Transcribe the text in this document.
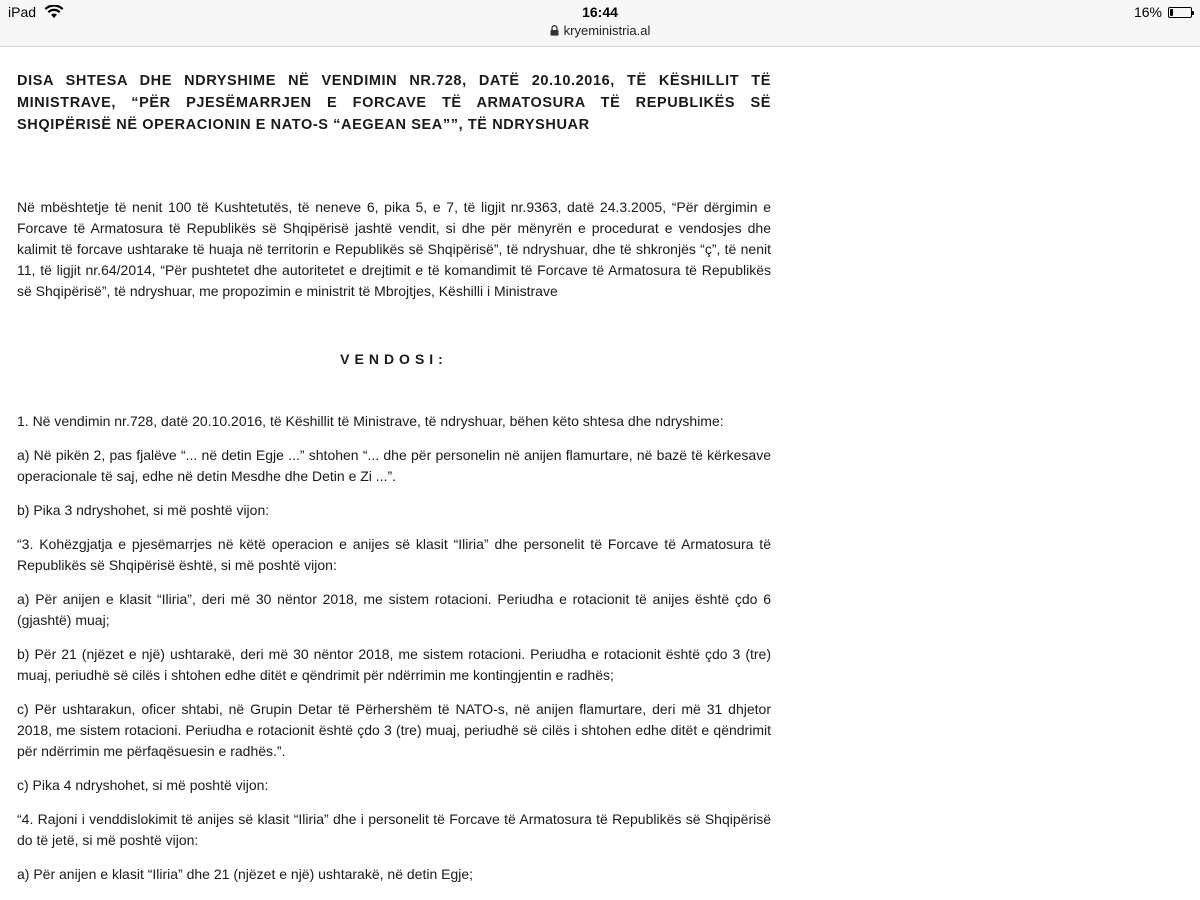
iPad	16:44	16%
kryeministria.al

DISA SHTESA DHE NDRYSHIME NË VENDIMIN NR.728, DATË 20.10.2016, TË KËSHILLIT TË MINISTRAVE, “PËR PJESËMARRJEN E FORCAVE TË ARMATOSURA TË REPUBLIKËS SË SHQIPËRISË NË OPERACIONIN E NATO-S “AEGEAN SEA””, TË NDRYSHUAR

Në mbështetje të nenit 100 të Kushtetutës, të neneve 6, pika 5, e 7, të ligjit nr.9363, datë 24.3.2005, “Për dërgimin e Forcave të Armatosura të Republikës së Shqipërisë jashtë vendit, si dhe për mënyrën e procedurat e vendosjes dhe kalimit të forcave ushtarake të huaja në territorin e Republikës së Shqipërisë”, të ndryshuar, dhe të shkronjës “ç”, të nenit 11, të ligjit nr.64/2014, “Për pushtetet dhe autoritetet e drejtimit e të komandimit të Forcave të Armatosura të Republikës së Shqipërisë”, të ndryshuar, me propozimin e ministrit të Mbrojtjes, Këshilli i Ministrave

VENDOSI:

1. Në vendimin nr.728, datë 20.10.2016, të Këshillit të Ministrave, të ndryshuar, bëhen këto shtesa dhe ndryshime:

a) Në pikën 2, pas fjalëve “... në detin Egje ...” shtohen “... dhe për personelin në anijen flamurtare, në bazë të kërkesave operacionale të saj, edhe në detin Mesdhe dhe Detin e Zi ...”.

b) Pika 3 ndryshohet, si më poshtë vijon:

“3. Kohëzgjatja e pjesëmarrjes në këtë operacion e anijes së klasit “Iliria” dhe personelit të Forcave të Armatosura të Republikës së Shqipërisë është, si më poshtë vijon:

a) Për anijen e klasit “Iliria”, deri më 30 nëntor 2018, me sistem rotacioni. Periudha e rotacionit të anijes është çdo 6 (gjashtë) muaj;

b) Për 21 (njëzet e një) ushtarakë, deri më 30 nëntor 2018, me sistem rotacioni. Periudha e rotacionit është çdo 3 (tre) muaj, periudhë së cilës i shtohen edhe ditët e qëndrimit për ndërrimin me kontingjentin e radhës;

c) Për ushtarakun, oficer shtabi, në Grupin Detar të Përhershëm të NATO-s, në anijen flamurtare, deri më 31 dhjetor 2018, me sistem rotacioni. Periudha e rotacionit është çdo 3 (tre) muaj, periudhë së cilës i shtohen edhe ditët e qëndrimit për ndërrimin me përfaqësuesin e radhës.”.

c) Pika 4 ndryshohet, si më poshtë vijon:

“4. Rajoni i venddislokimit të anijes së klasit “Iliria” dhe i personelit të Forcave të Armatosura të Republikës së Shqipërisë do të jetë, si më poshtë vijon:

a) Për anijen e klasit “Iliria” dhe 21 (njëzet e një) ushtarakë, në detin Egje;
